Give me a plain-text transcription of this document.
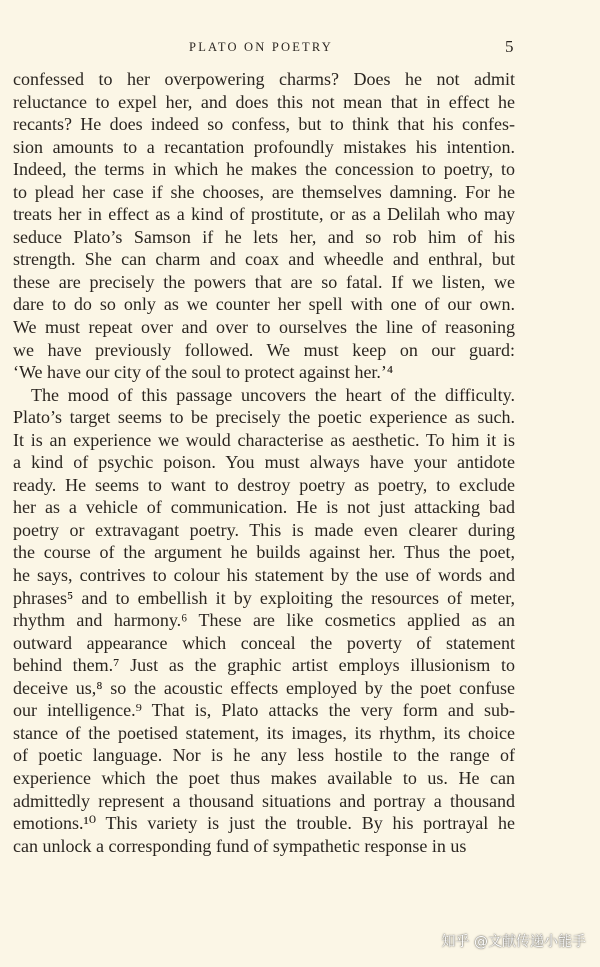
PLATO ON POETRY	5
confessed to her overpowering charms? Does he not admit
reluctance to expel her, and does this not mean that in effect he
recants? He does indeed so confess, but to think that his confes-
sion amounts to a recantation profoundly mistakes his intention.
Indeed, the terms in which he makes the concession to poetry, to
to plead her case if she chooses, are themselves damning. For he
treats her in effect as a kind of prostitute, or as a Delilah who may
seduce Plato’s Samson if he lets her, and so rob him of his
strength. She can charm and coax and wheedle and enthral, but
these are precisely the powers that are so fatal. If we listen, we
dare to do so only as we counter her spell with one of our own.
We must repeat over and over to ourselves the line of reasoning
we have previously followed. We must keep on our guard:
‘We have our city of the soul to protect against her.’⁴
The mood of this passage uncovers the heart of the difficulty.
Plato’s target seems to be precisely the poetic experience as such.
It is an experience we would characterise as aesthetic. To him it is
a kind of psychic poison. You must always have your antidote
ready. He seems to want to destroy poetry as poetry, to exclude
her as a vehicle of communication. He is not just attacking bad
poetry or extravagant poetry. This is made even clearer during
the course of the argument he builds against her. Thus the poet,
he says, contrives to colour his statement by the use of words and
phrases⁵ and to embellish it by exploiting the resources of meter,
rhythm and harmony.⁶ These are like cosmetics applied as an
outward appearance which conceal the poverty of statement
behind them.⁷ Just as the graphic artist employs illusionism to
deceive us,⁸ so the acoustic effects employed by the poet confuse
our intelligence.⁹ That is, Plato attacks the very form and sub-
stance of the poetised statement, its images, its rhythm, its choice
of poetic language. Nor is he any less hostile to the range of
experience which the poet thus makes available to us. He can
admittedly represent a thousand situations and portray a thousand
emotions.¹⁰ This variety is just the trouble. By his portrayal he
can unlock a corresponding fund of sympathetic response in us
知乎 @文献传递小能手
